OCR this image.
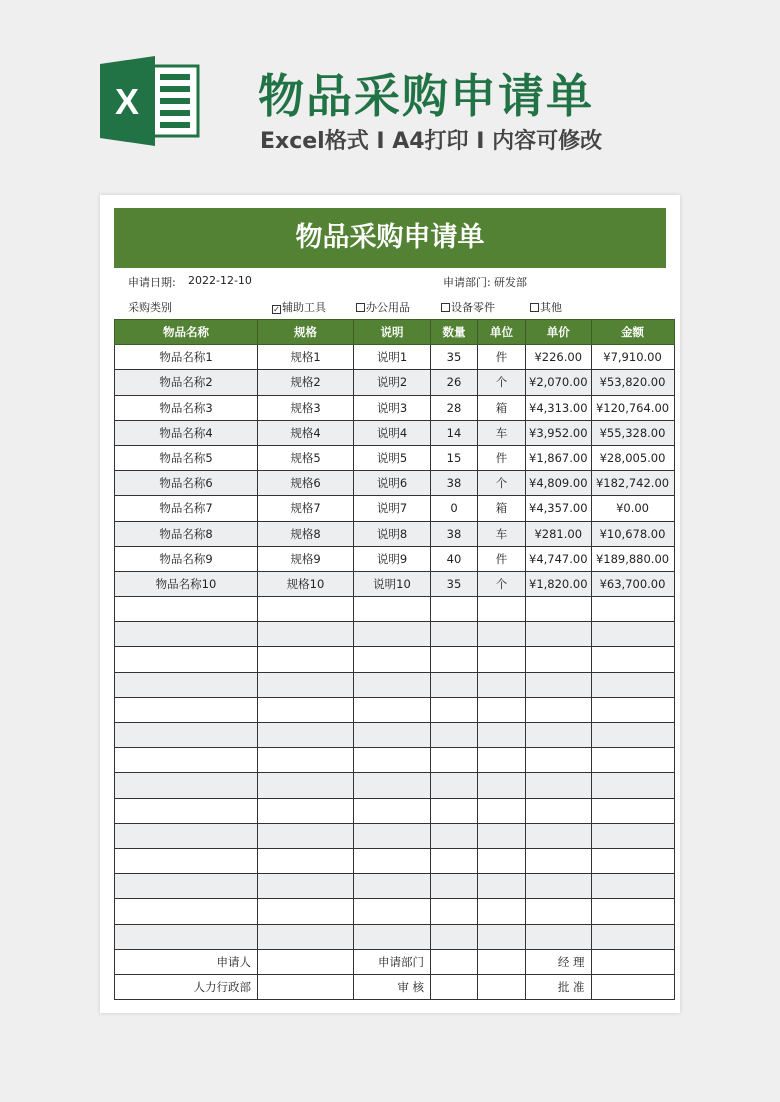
X	物品采购申请单
Excel格式 I A4打印 I 内容可修改
物品采购申请单
申请日期: 2022-12-10	申请部门: 研发部
采购类别	✓ 辅助工具	办公用品	设备零件	其他
物品名称	规格	说明	数量	单位	单价	金额
物品名称1	规格1	说明1	35	件	¥226.00	¥7,910.00
物品名称2	规格2	说明2	26	个	¥2,070.00	¥53,820.00
物品名称3	规格3	说明3	28	箱	¥4,313.00	¥120,764.00
物品名称4	规格4	说明4	14	车	¥3,952.00	¥55,328.00
物品名称5	规格5	说明5	15	件	¥1,867.00	¥28,005.00
物品名称6	规格6	说明6	38	个	¥4,809.00	¥182,742.00
物品名称7	规格7	说明7	0	箱	¥4,357.00	¥0.00
物品名称8	规格8	说明8	38	车	¥281.00	¥10,678.00
物品名称9	规格9	说明9	40	件	¥4,747.00	¥189,880.00
物品名称10	规格10	说明10	35	个	¥1,820.00	¥63,700.00

申请人		申请部门			经 理	
人力行政部		审 核			批 准	
